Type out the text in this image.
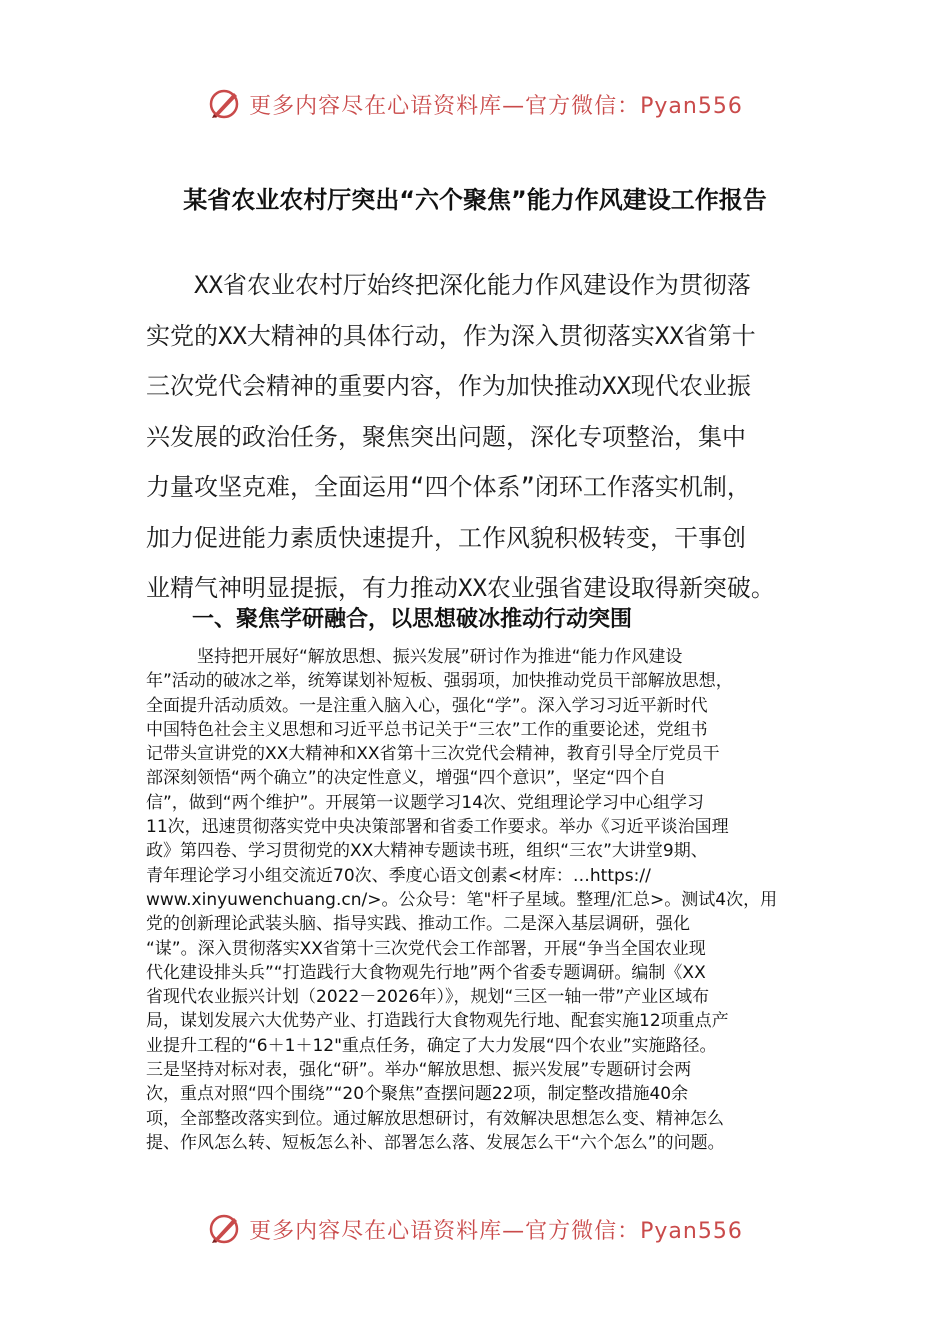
更多内容尽在心语资料库—官方微信：Pyan556
某省农业农村厅突出“六个聚焦”能力作风建设工作报告

XX省农业农村厅始终把深化能力作风建设作为贯彻落
实党的XX大精神的具体行动，作为深入贯彻落实XX省第十
三次党代会精神的重要内容，作为加快推动XX现代农业振
兴发展的政治任务，聚焦突出问题，深化专项整治，集中
力量攻坚克难，全面运用“四个体系”闭环工作落实机制，
加力促进能力素质快速提升，工作风貌积极转变，干事创
业精气神明显提振，有力推动XX农业强省建设取得新突破。

一、聚焦学研融合，以思想破冰推动行动突围

坚持把开展好“解放思想、振兴发展”研讨作为推进“能力作风建设
年”活动的破冰之举，统筹谋划补短板、强弱项，加快推动党员干部解放思想，
全面提升活动质效。一是注重入脑入心，强化“学”。深入学习习近平新时代
中国特色社会主义思想和习近平总书记关于“三农”工作的重要论述，党组书
记带头宣讲党的XX大精神和XX省第十三次党代会精神，教育引导全厅党员干
部深刻领悟“两个确立”的决定性意义，增强“四个意识”，坚定“四个自
信”，做到“两个维护”。开展第一议题学习14次、党组理论学习中心组学习
11次，迅速贯彻落实党中央决策部署和省委工作要求。举办《习近平谈治国理
政》第四卷、学习贯彻党的XX大精神专题读书班，组织“三农”大讲堂9期、
青年理论学习小组交流近70次、季度心语文创素<材库：…https://
www.xinyuwenchuang.cn/>。公众号：笔"杆子星域。整理/汇总>。测试4次，用
党的创新理论武装头脑、指导实践、推动工作。二是深入基层调研，强化
“谋”。深入贯彻落实XX省第十三次党代会工作部署，开展“争当全国农业现
代化建设排头兵”“打造践行大食物观先行地”两个省委专题调研。编制《XX
省现代农业振兴计划（2022－2026年）》，规划“三区一轴一带”产业区域布
局，谋划发展六大优势产业、打造践行大食物观先行地、配套实施12项重点产
业提升工程的“6＋1＋12"重点任务，确定了大力发展“四个农业”实施路径。
三是坚持对标对表，强化“研”。举办“解放思想、振兴发展”专题研讨会两
次，重点对照“四个围绕”“20个聚焦”查摆问题22项，制定整改措施40余
项，全部整改落实到位。通过解放思想研讨，有效解决思想怎么变、精神怎么
提、作风怎么转、短板怎么补、部署怎么落、发展怎么干“六个怎么”的问题。

更多内容尽在心语资料库—官方微信：Pyan556
